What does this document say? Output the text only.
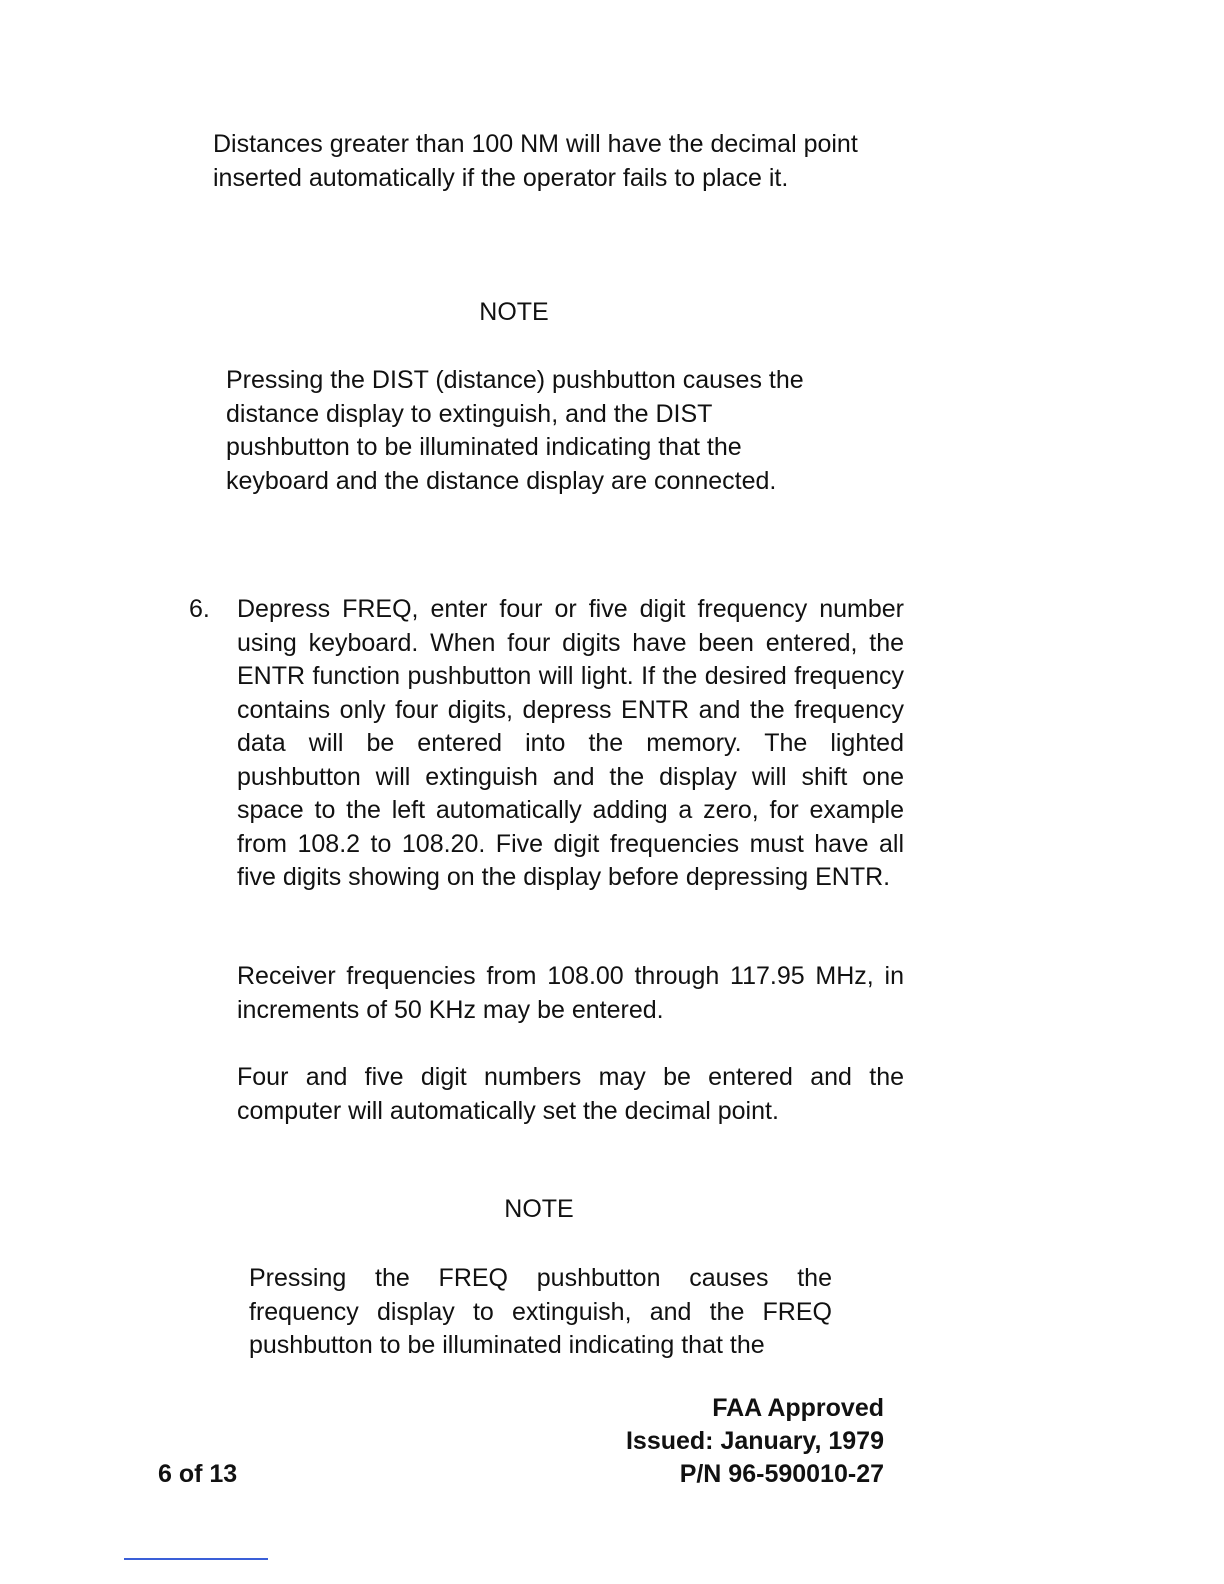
Distances greater than 100 NM will have the decimal point inserted automatically if the operator fails to place it.

NOTE

Pressing the DIST (distance) pushbutton causes the distance display to extinguish, and the DIST pushbutton to be illuminated indicating that the keyboard and the distance display are connected.

6. Depress FREQ, enter four or five digit frequency number using keyboard. When four digits have been entered, the ENTR function pushbutton will light. If the desired frequency contains only four digits, depress ENTR and the frequency data will be entered into the memory. The lighted pushbutton will extinguish and the display will shift one space to the left automatically adding a zero, for example from 108.2 to 108.20. Five digit frequencies must have all five digits showing on the display before depressing ENTR.

Receiver frequencies from 108.00 through 117.95 MHz, in increments of 50 KHz may be entered.

Four and five digit numbers may be entered and the computer will automatically set the decimal point.

NOTE

Pressing the FREQ pushbutton causes the frequency display to extinguish, and the FREQ pushbutton to be illuminated indicating that the

FAA Approved
Issued: January, 1979
P/N 96-590010-27

6 of 13
